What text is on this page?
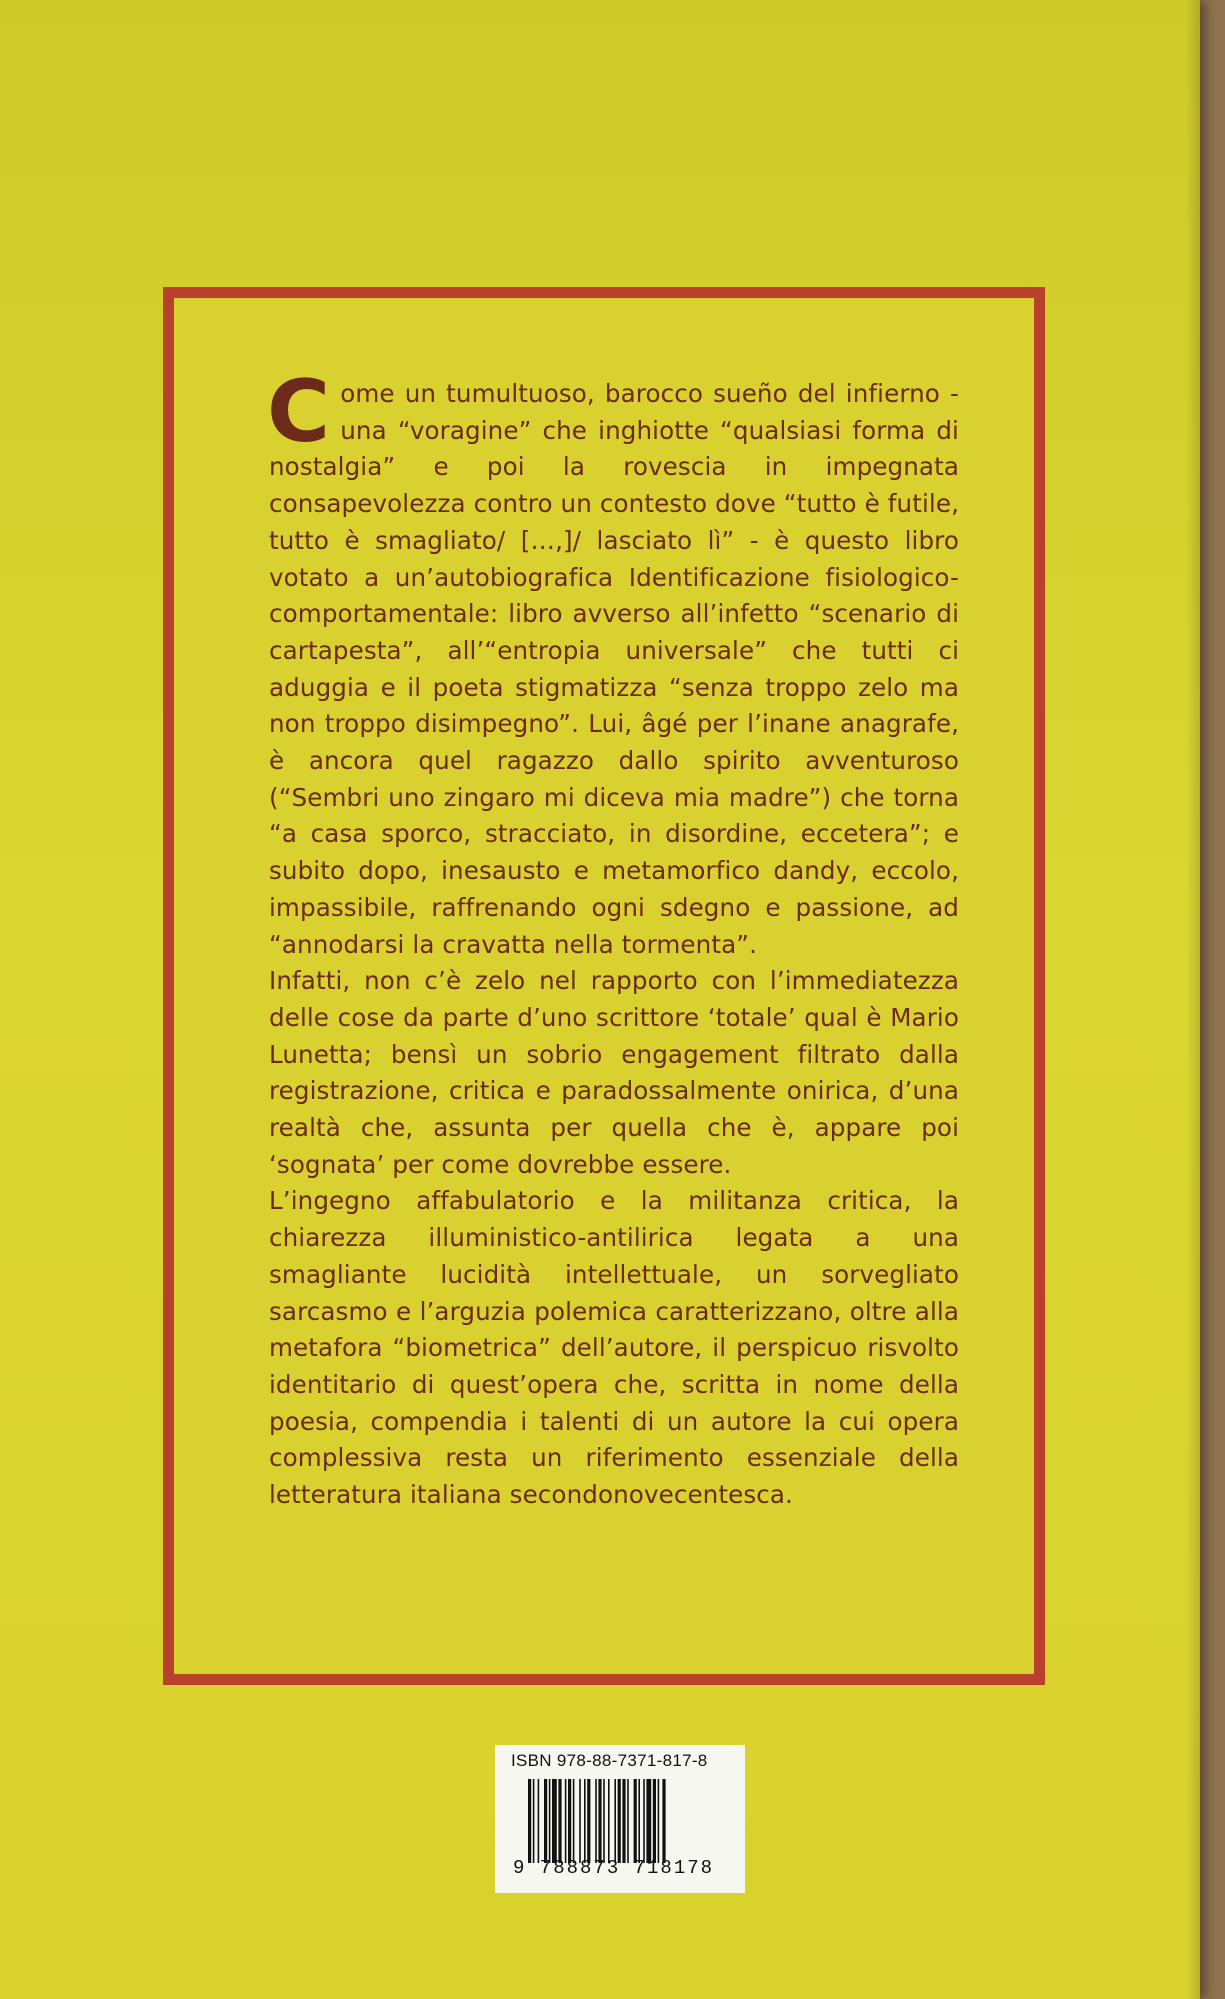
Come un tumultuoso, barocco sueño del infierno - una “voragine” che inghiotte “qualsiasi forma di nostalgia” e poi la rovescia in impegnata consapevolezza contro un contesto dove “tutto è futile, tutto è smagliato/ […,]/ lasciato lì” - è questo libro votato a un’autobiografica Identificazione fisiologico-comportamentale: libro avverso all’infetto “scenario di cartapesta”, all’“entropia universale” che tutti ci aduggia e il poeta stigmatizza “senza troppo zelo ma non troppo disimpegno”. Lui, âgé per l’inane anagrafe, è ancora quel ragazzo dallo spirito avventuroso (“Sembri uno zingaro mi diceva mia madre”) che torna “a casa sporco, stracciato, in disordine, eccetera”; e subito dopo, inesausto e metamorfico dandy, eccolo, impassibile, raffrenando ogni sdegno e passione, ad “annodarsi la cravatta nella tormenta”.

Infatti, non c’è zelo nel rapporto con l’immediatezza delle cose da parte d’uno scrittore ‘totale’ qual è Mario Lunetta; bensì un sobrio engagement filtrato dalla registrazione, critica e paradossalmente onirica, d’una realtà che, assunta per quella che è, appare poi ‘sognata’ per come dovrebbe essere.

L’ingegno affabulatorio e la militanza critica, la chiarezza illuministico-antilirica legata a una smagliante lucidità intellettuale, un sorvegliato sarcasmo e l’arguzia polemica caratterizzano, oltre alla metafora “biometrica” dell’autore, il perspicuo risvolto identitario di quest’opera che, scritta in nome della poesia, compendia i talenti di un autore la cui opera complessiva resta un riferimento essenziale della letteratura italiana secondonovecentesca.

ISBN 978-88-7371-817-8
9 788873 718178
